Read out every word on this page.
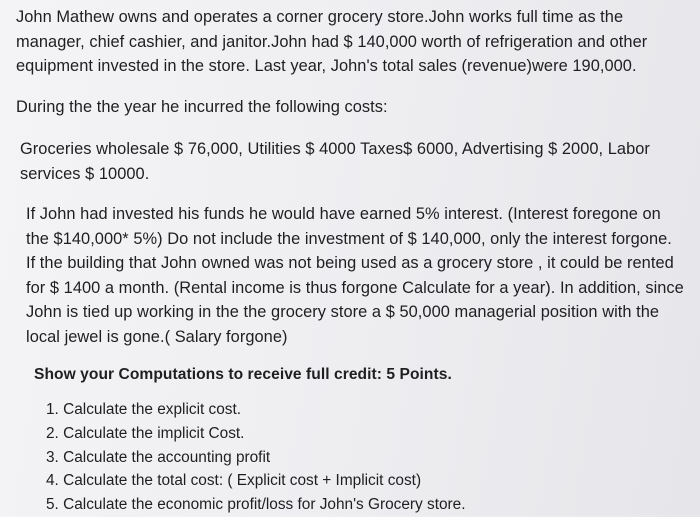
John Mathew owns and operates a corner grocery store.John works full time as the
manager, chief cashier, and janitor.John had $ 140,000 worth of refrigeration and other
equipment invested in the store. Last year, John's total sales (revenue)were 190,000.

During the the year he incurred the following costs:

Groceries wholesale $ 76,000, Utilities $ 4000 Taxes$ 6000, Advertising $ 2000, Labor
services $ 10000.

If John had invested his funds he would have earned 5% interest. (Interest foregone on
the $140,000* 5%) Do not include the investment of $ 140,000, only the interest forgone.
If the building that John owned was not being used as a grocery store , it could be rented
for $ 1400 a month. (Rental income is thus forgone Calculate for a year). In addition, since
John is tied up working in the the grocery store a $ 50,000 managerial position with the
local jewel is gone.( Salary forgone)

Show your Computations to receive full credit: 5 Points.

1. Calculate the explicit cost.
2. Calculate the implicit Cost.
3. Calculate the accounting profit
4. Calculate the total cost: ( Explicit cost + Implicit cost)
5. Calculate the economic profit/loss for John's Grocery store.
